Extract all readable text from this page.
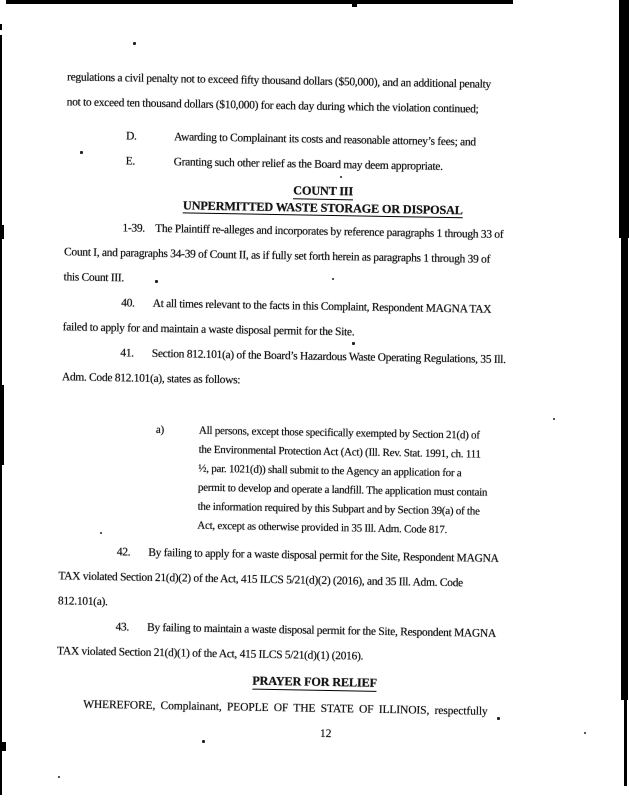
regulations a civil penalty not to exceed fifty thousand dollars ($50,000), and an additional penalty
not to exceed ten thousand dollars ($10,000) for each day during which the violation continued;

D.	Awarding to Complainant its costs and reasonable attorney’s fees; and
E.	Granting such other relief as the Board may deem appropriate.
COUNT III
UNPERMITTED WASTE STORAGE OR DISPOSAL

1-39.    The Plaintiff re-alleges and incorporates by reference paragraphs 1 through 33 of
Count I, and paragraphs 34-39 of Count II, as if fully set forth herein as paragraphs 1 through 39 of
this Count III.

40.       At all times relevant to the facts in this Complaint, Respondent MAGNA TAX
failed to apply for and maintain a waste disposal permit for the Site.

41.       Section 812.101(a) of the Board’s Hazardous Waste Operating Regulations, 35 Ill.
Adm. Code 812.101(a), states as follows:

a)	All persons, except those specifically exempted by Section 21(d) of
the Environmental Protection Act (Act) (Ill. Rev. Stat. 1991, ch. 111
½, par. 1021(d)) shall submit to the Agency an application for a
permit to develop and operate a landfill. The application must contain
the information required by this Subpart and by Section 39(a) of the
Act, except as otherwise provided in 35 Ill. Adm. Code 817.

42.       By failing to apply for a waste disposal permit for the Site, Respondent MAGNA
TAX violated Section 21(d)(2) of the Act, 415 ILCS 5/21(d)(2) (2016), and 35 Ill. Adm. Code
812.101(a).

43.       By failing to maintain a waste disposal permit for the Site, Respondent MAGNA
TAX violated Section 21(d)(1) of the Act, 415 ILCS 5/21(d)(1) (2016).

PRAYER FOR RELIEF

WHEREFORE, Complainant, PEOPLE OF THE STATE OF ILLINOIS, respectfully

12
